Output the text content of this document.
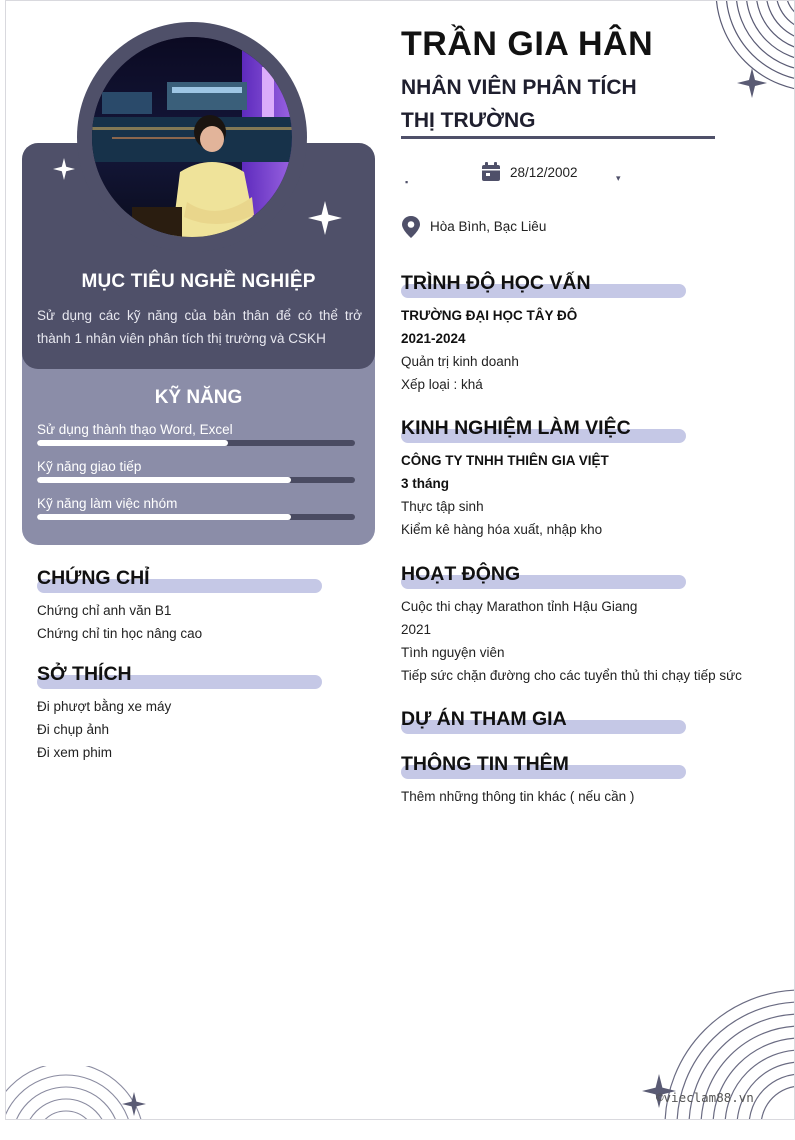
MỤC TIÊU NGHỀ NGHIỆP
Sử dụng các kỹ năng của bản thân để có thể trở thành 1 nhân viên phân tích thị trường và CSKH
KỸ NĂNG
Sử dụng thành thạo Word, Excel
Kỹ năng giao tiếp
Kỹ năng làm việc nhóm
CHỨNG CHỈ
Chứng chỉ anh văn B1
Chứng chỉ tin học nâng cao
SỞ THÍCH
Đi phượt bằng xe máy
Đi chụp ảnh
Đi xem phim
TRẦN GIA HÂN
NHÂN VIÊN PHÂN TÍCH
THỊ TRƯỜNG
▪	▾
28/12/2002
Hòa Bình, Bạc Liêu
TRÌNH ĐỘ HỌC VẤN
TRƯỜNG ĐẠI HỌC TÂY ĐÔ
2021-2024
Quản trị kinh doanh
Xếp loại : khá
KINH NGHIỆM LÀM VIỆC
CÔNG TY TNHH THIÊN GIA VIỆT
3 tháng
Thực tập sinh
Kiểm kê hàng hóa xuất, nhập kho
HOẠT ĐỘNG
Cuộc thi chạy Marathon tỉnh Hậu Giang
2021
Tình nguyện viên
Tiếp sức chặn đường cho các tuyển thủ thi chạy tiếp sức
DỰ ÁN THAM GIA
THÔNG TIN THÊM
Thêm những thông tin khác ( nếu cần )
©vieclam88.vn
